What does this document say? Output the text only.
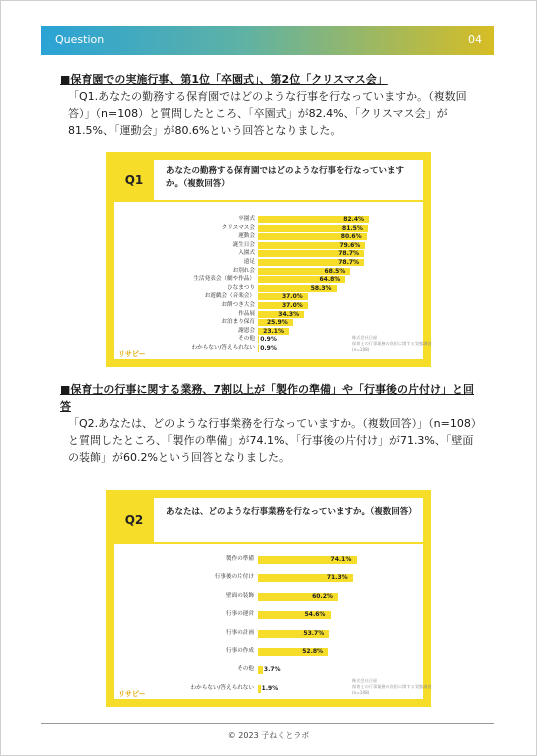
Question	04

■保育園での実施行事、第1位「卒園式」、第2位「クリスマス会」

「Q1.あなたの勤務する保育園ではどのような行事を行なっていますか。（複数回答）」（n=108）と質問したところ、「卒園式」が82.4%、「クリスマス会」が81.5%、「運動会」が80.6%という回答となりました。

Q1
あなたの勤務する保育園ではどのような行事を行なっていますか。（複数回答）
卒園式	82.4%
クリスマス会	81.5%
運動会	80.6%
誕生日会	79.6%
入園式	78.7%
遠足	78.7%
お別れ会	68.5%
生活発表会（劇や作品）	64.8%
ひなまつり	58.3%
お遊戯会（音楽会）	37.0%
お餅つき大会	37.0%
作品展	34.3%
お泊まり保育 25.9%
謝恩会 23.1%
その他 0.9%
わからない/答えられない 0.9%
リサピー
株式会社日経
保育士の行事業務の負担に関する実態調査
(n=108)

■保育士の行事に関する業務、7割以上が「製作の準備」や「行事後の片付け」と回答

「Q2.あなたは、どのような行事業務を行なっていますか。（複数回答）」（n=108）と質問したところ、「製作の準備」が74.1%、「行事後の片付け」が71.3%、「壁面の装飾」が60.2%という回答となりました。

Q2
あなたは、どのような行事業務を行なっていますか。（複数回答）
製作の準備	74.1%
行事後の片付け	71.3%
壁面の装飾	60.2%
行事の運営	54.6%
行事の計画	53.7%
行事の作成	52.8%
その他 3.7%
わからない/答えられない 1.9%
リサピー
株式会社日経
保育士の行事業務の負担に関する実態調査
(n=108)
© 2023 子ねくとラボ
